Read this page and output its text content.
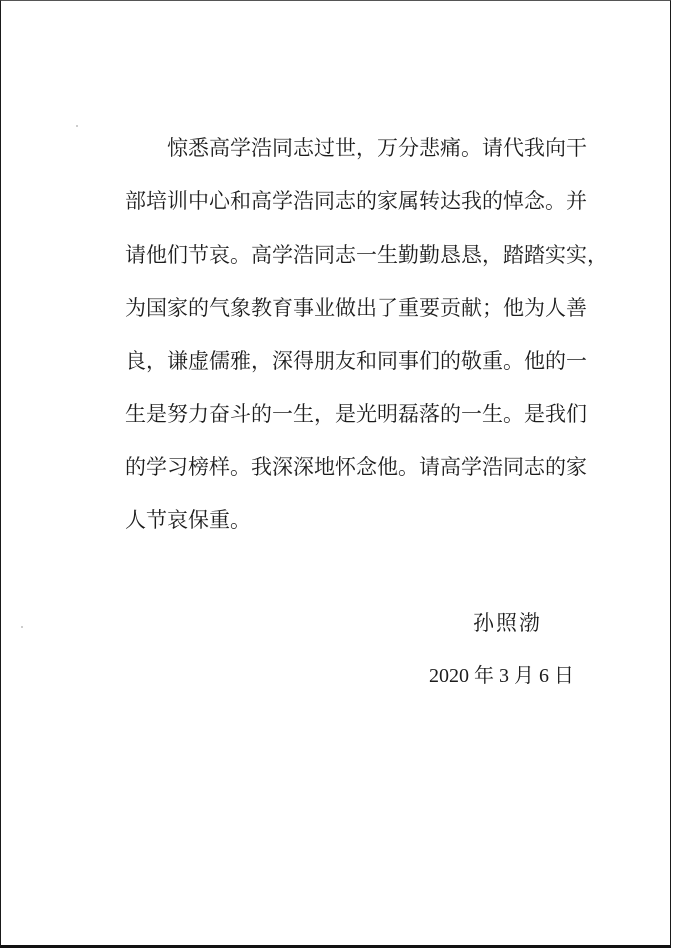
惊悉高学浩同志过世，万分悲痛。请代我向干

部培训中心和高学浩同志的家属转达我的悼念。并

请他们节哀。高学浩同志一生勤勤恳恳，踏踏实实，

为国家的气象教育事业做出了重要贡献；他为人善

良，谦虚儒雅，深得朋友和同事们的敬重。他的一

生是努力奋斗的一生，是光明磊落的一生。是我们

的学习榜样。我深深地怀念他。请高学浩同志的家

人节哀保重。

孙照渤

2020 年 3 月 6 日
